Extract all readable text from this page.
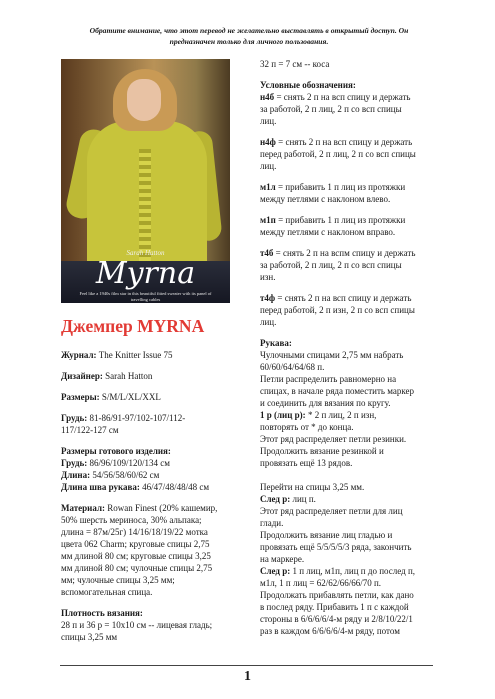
Обратите внимание, что этот перевод не желательно выставлять в открытый доступ. Он
предназначен только для личного пользования.
Sarah Hatton
Myrna
Feel like a 1940s film star in this beautiful fitted sweater with its panel of travelling cables
Джемпер MYRNA

Журнал: The Knitter Issue 75

Дизайнер: Sarah Hatton

Размеры: S/M/L/XL/XXL

Грудь: 81-86/91-97/102-107/112-

117/122-127 см

Размеры готового изделия:

Грудь: 86/96/109/120/134 см

Длина: 54/56/58/60/62 см

Длина шва рукава: 46/47/48/48/48 см

Материал: Rowan Finest (20% кашемир,

50% шерсть мериноса, 30% альпака;

длина = 87м/25г) 14/16/18/19/22 мотка

цвета 062 Charm; круговые спицы 2,75

мм длиной 80 см; круговые спицы 3,25

мм длиной 80 см; чулочные спицы 2,75

мм; чулочные спицы 3,25 мм;

вспомогательная спица.

Плотность вязания:

28 п и 36 р = 10x10 см -- лицевая гладь;

спицы 3,25 мм

32 п = 7 см -- коса

Условные обозначения:

н4б = снять 2 п на всп спицу и держать

за работой, 2 п лиц, 2 п со всп спицы

лиц.

н4ф = снять 2 п на всп спицу и держать

перед работой, 2 п лиц, 2 п со всп спицы

лиц.

м1л = прибавить 1 п лиц из протяжки

между петлями с наклоном влево.

м1п = прибавить 1 п лиц из протяжки

между петлями с наклоном вправо.

т4б = снять 2 п на вспм спицу и держать

за работой, 2 п лиц, 2 п со всп спицы

изн.

т4ф = снять 2 п на всп спицу и держать

перед работой, 2 п изн, 2 п со всп спицы

лиц.

Рукава:

Чулочными спицами 2,75 мм набрать

60/60/64/64/68 п.

Петли распределить равномерно на

спицах, в начале ряда поместить маркер

и соединить для вязания по кругу.

1 р (лиц р): * 2 п лиц, 2 п изн,

повторять от * до конца.

Этот ряд распределяет петли резинки.

Продолжить вязание резинкой и

провязать ещё 13 рядов.

Перейти на спицы 3,25 мм.

След р: лиц п.

Этот ряд распределяет петли для лиц

глади.

Продолжить вязание лиц гладью и

провязать ещё 5/5/5/5/3 ряда, закончить

на маркере.

След р: 1 п лиц, м1п, лиц п до послед п,

м1л, 1 п лиц = 62/62/66/66/70 п.

Продолжать прибавлять петли, как дано

в послед ряду. Прибавить 1 п с каждой

стороны в 6/6/6/6/4-м ряду и 2/8/10/22/1

раз в каждом 6/6/6/6/4-м ряду, потом

1
